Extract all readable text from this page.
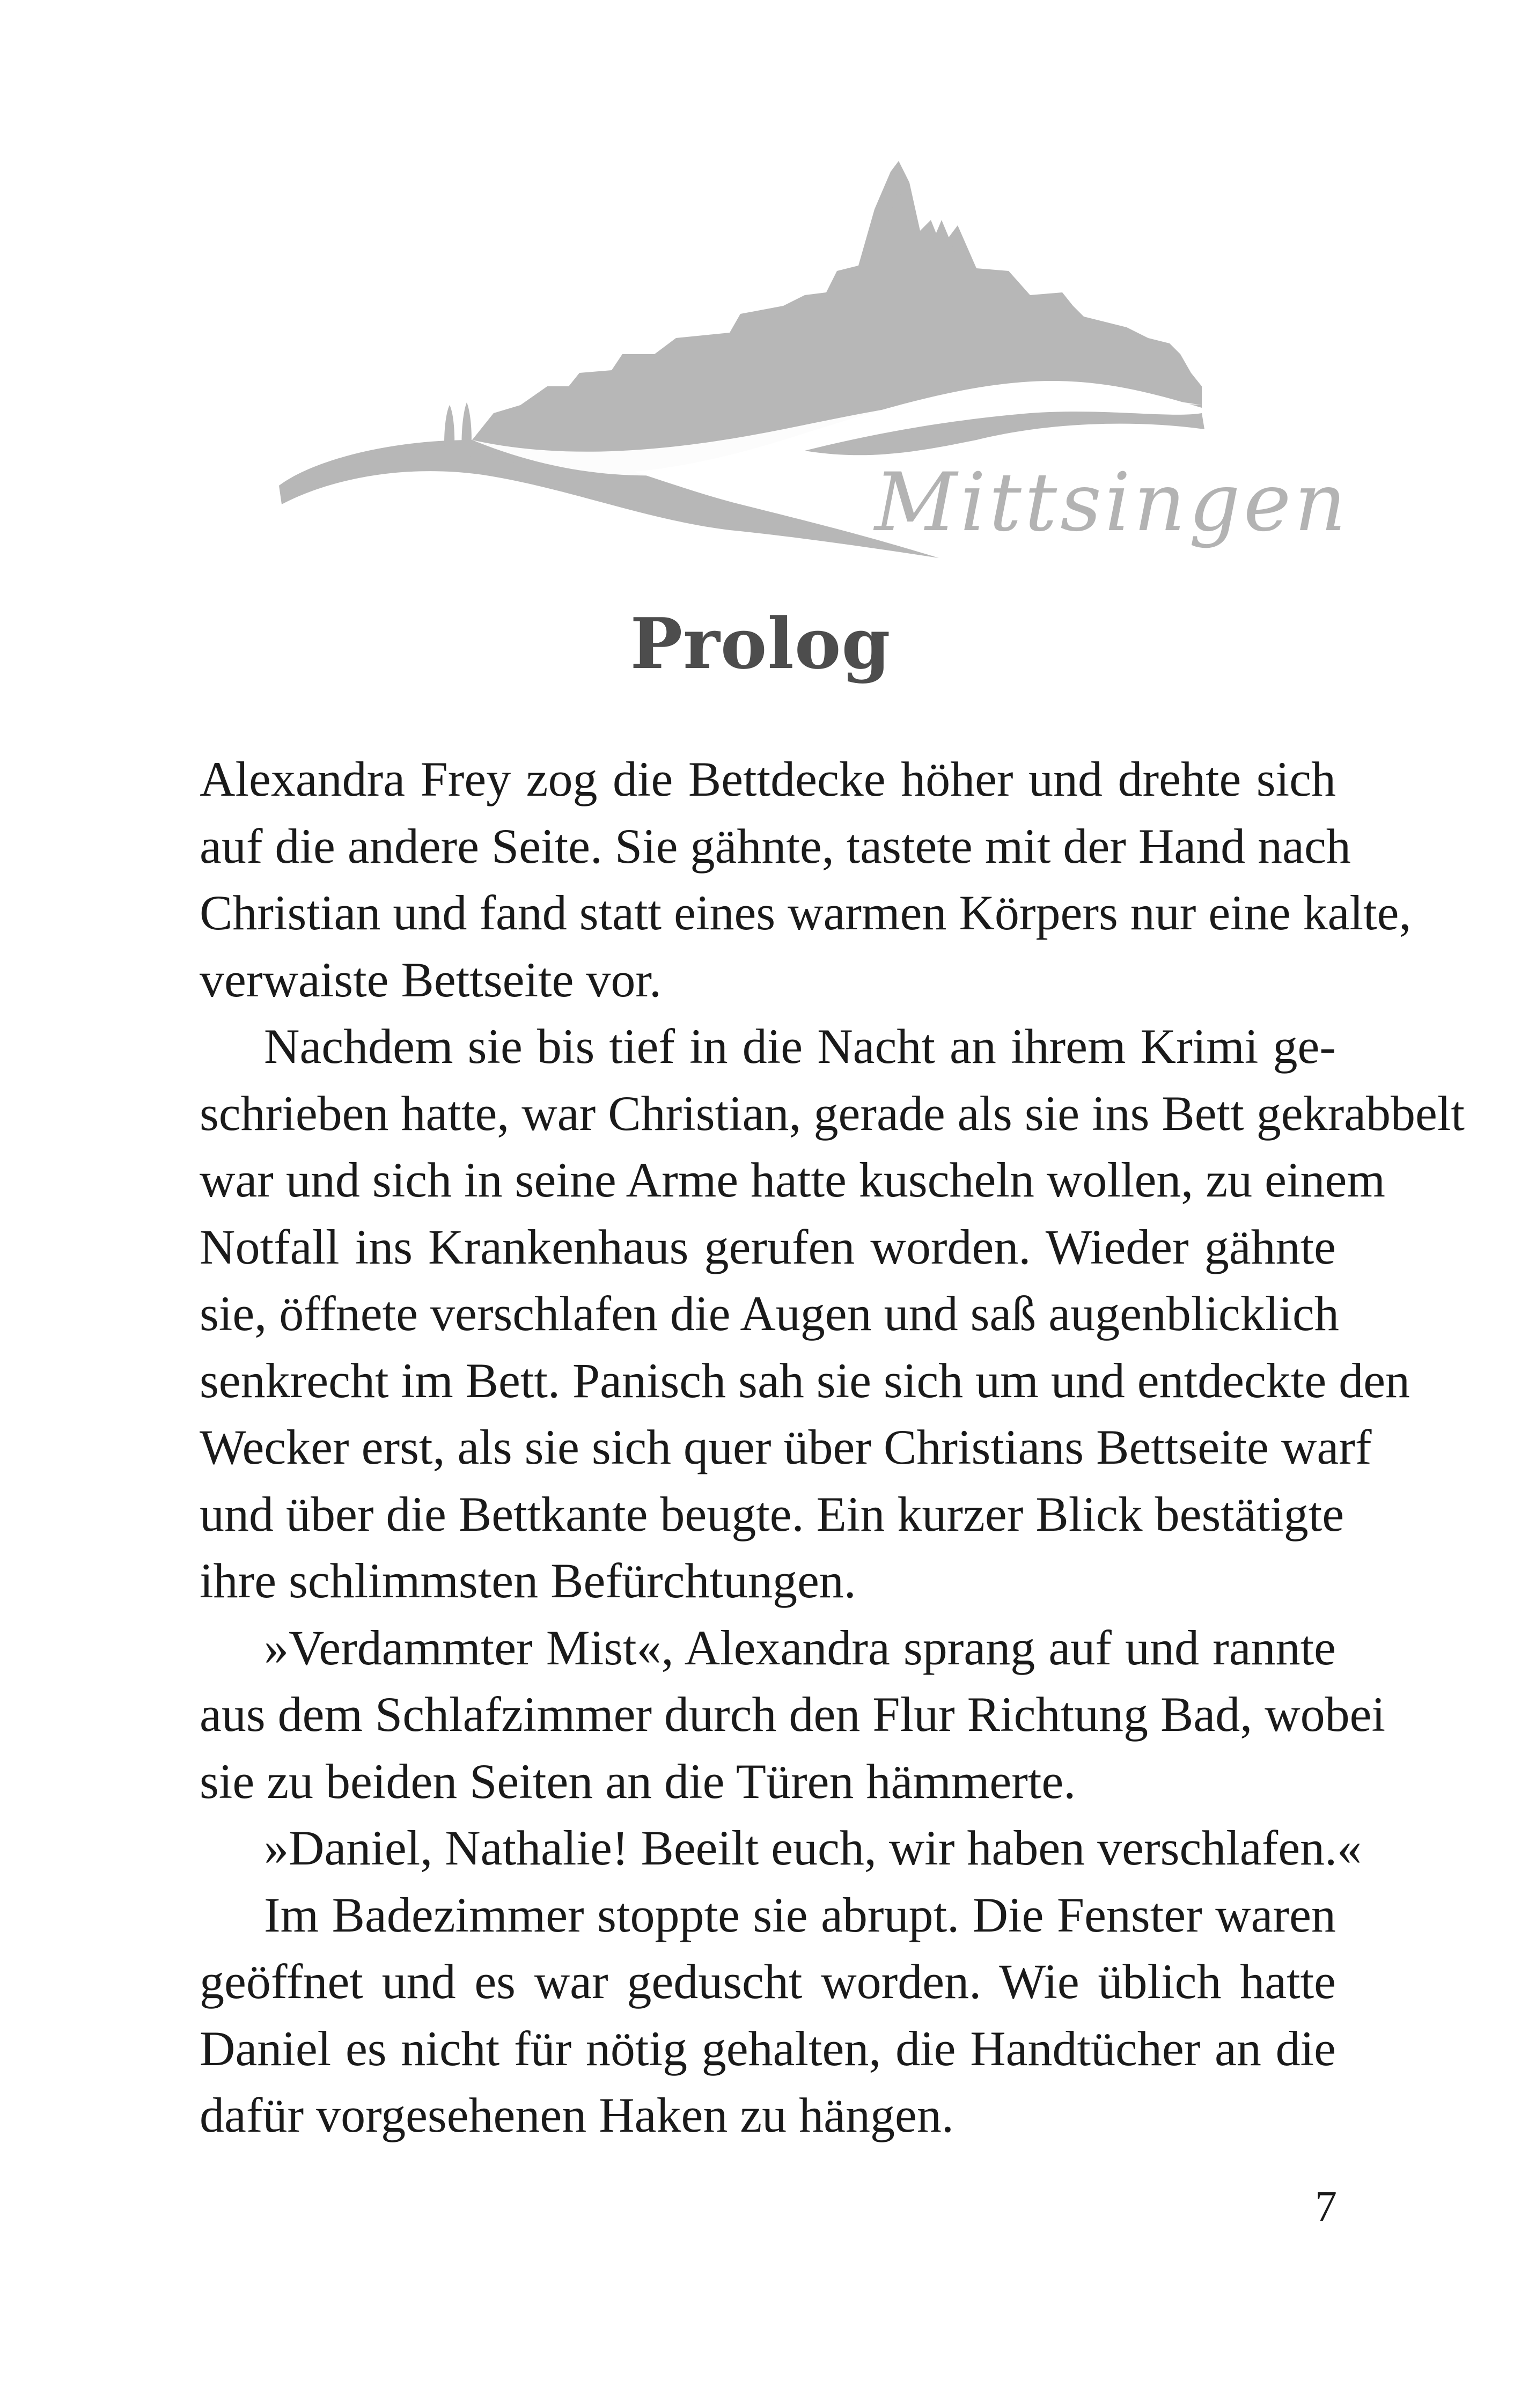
Mittsingen
Prolog
Alexandra Frey zog die Bettdecke höher und drehte sich
auf die andere Seite. Sie gähnte, tastete mit der Hand nach
Christian und fand statt eines warmen Körpers nur eine kalte,
verwaiste Bettseite vor.
Nachdem sie bis tief in die Nacht an ihrem Krimi ge-
schrieben hatte, war Christian, gerade als sie ins Bett gekrabbelt
war und sich in seine Arme hatte kuscheln wollen, zu einem
Notfall ins Krankenhaus gerufen worden. Wieder gähnte
sie, öffnete verschlafen die Augen und saß augenblicklich
senkrecht im Bett. Panisch sah sie sich um und entdeckte den
Wecker erst, als sie sich quer über Christians Bettseite warf
und über die Bettkante beugte. Ein kurzer Blick bestätigte
ihre schlimmsten Befürchtungen.
»Verdammter Mist«, Alexandra sprang auf und rannte
aus dem Schlafzimmer durch den Flur Richtung Bad, wobei
sie zu beiden Seiten an die Türen hämmerte.
»Daniel, Nathalie! Beeilt euch, wir haben verschlafen.«
Im Badezimmer stoppte sie abrupt. Die Fenster waren
geöffnet und es war geduscht worden. Wie üblich hatte
Daniel es nicht für nötig gehalten, die Handtücher an die
dafür vorgesehenen Haken zu hängen.
7
